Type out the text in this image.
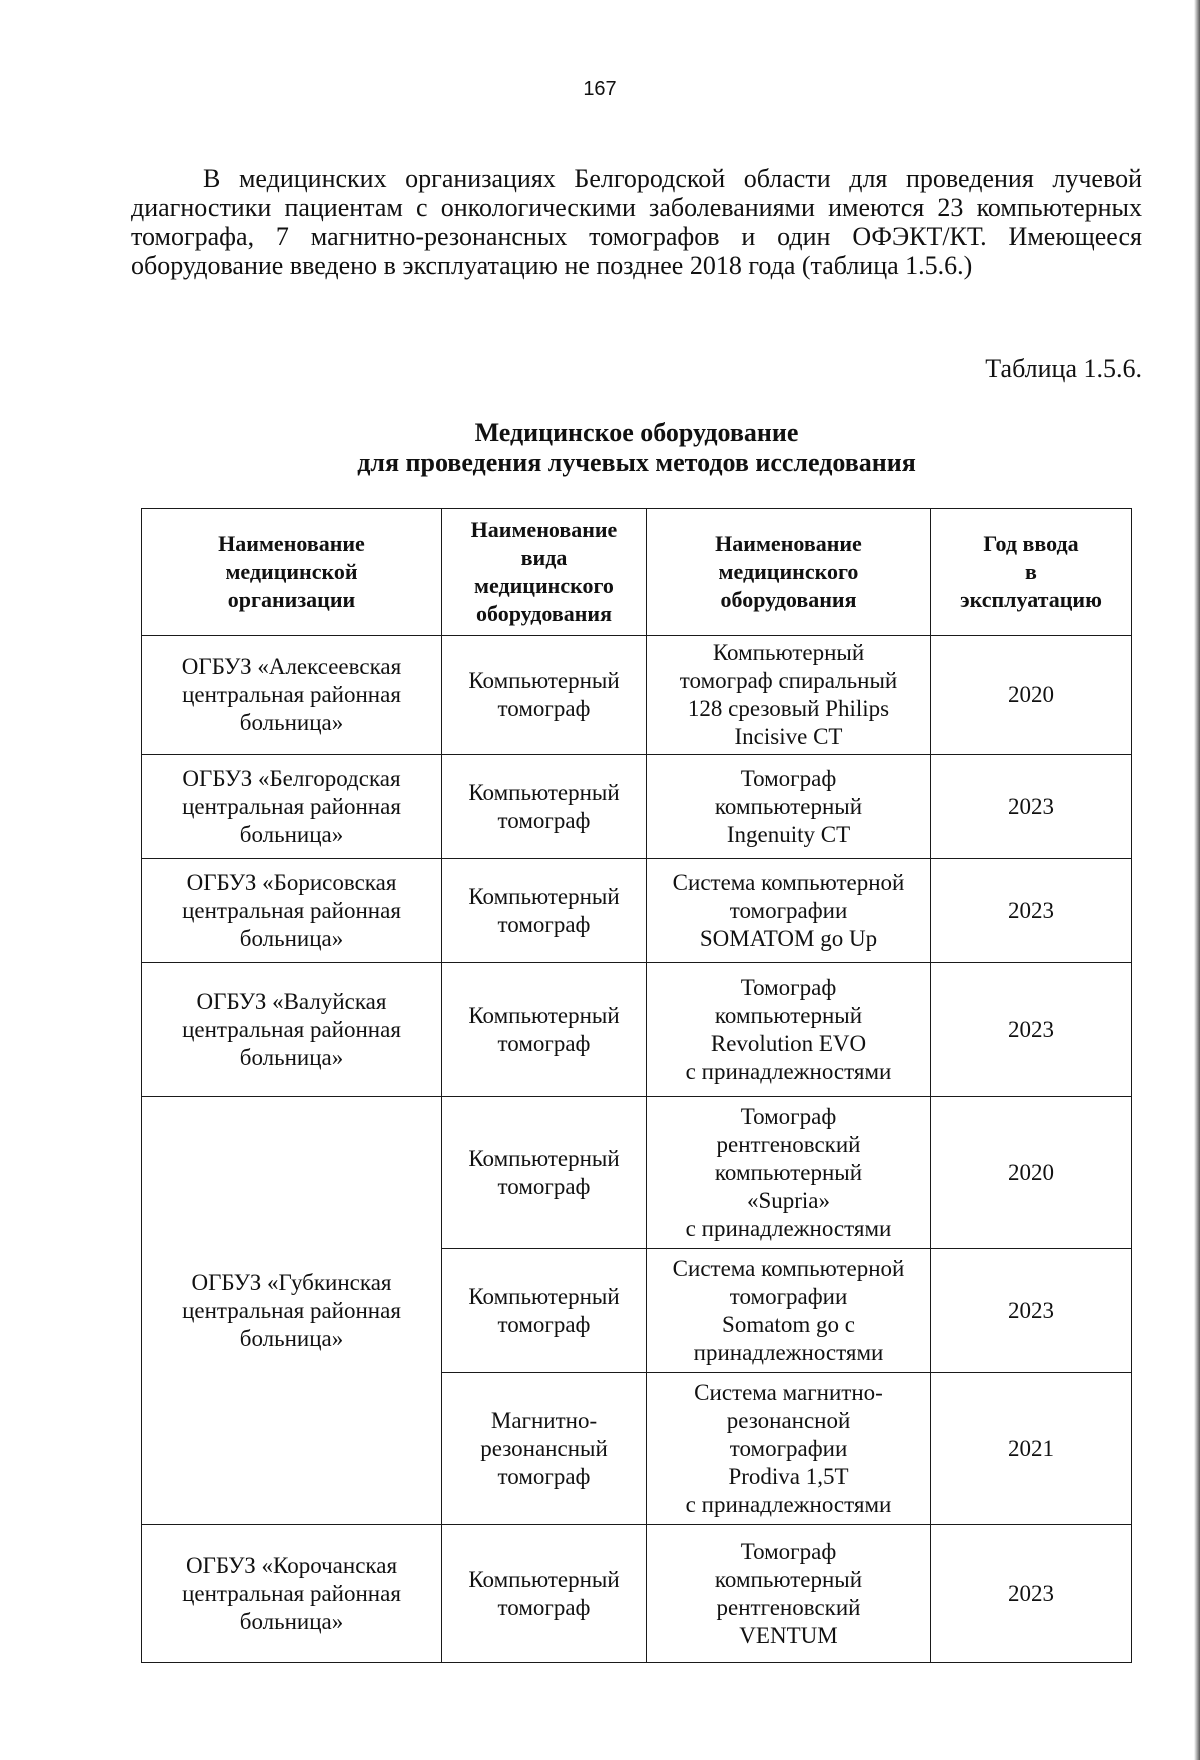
167

В медицинских организациях Белгородской области для проведения лучевой диагностики пациентам с онкологическими заболеваниями имеются 23 компьютерных томографа, 7 магнитно-резонансных томографов и один ОФЭКТ/КТ. Имеющееся оборудование введено в эксплуатацию не позднее 2018 года (таблица 1.5.6.)

Таблица 1.5.6.
Медицинское оборудование
для проведения лучевых методов исследования
Наименование
медицинской
организации	Наименование
вида
медицинского
оборудования	Наименование
медицинского
оборудования	Год ввода
в
эксплуатацию
ОГБУЗ «Алексеевская
центральная районная
больница»	Компьютерный
томограф	Компьютерный
томограф спиральный
128 срезовый Philips
Incisive CT	2020
ОГБУЗ «Белгородская
центральная районная
больница»	Компьютерный
томограф	Томограф
компьютерный
Ingenuity CT	2023
ОГБУЗ «Борисовская
центральная районная
больница»	Компьютерный
томограф	Система компьютерной
томографии
SOMATOM go Up	2023
ОГБУЗ «Валуйская
центральная районная
больница»	Компьютерный
томограф	Томограф
компьютерный
Revolution EVO
с принадлежностями	2023
ОГБУЗ «Губкинская
центральная районная
больница»	Компьютерный
томограф	Томограф
рентгеновский
компьютерный
«Supria»
с принадлежностями	2020
	Компьютерный
томограф	Система компьютерной
томографии
Somatom go с
принадлежностями	2023
	Магнитно-
резонансный
томограф	Система магнитно-
резонансной
томографии
Prodiva 1,5T
с принадлежностями	2021
ОГБУЗ «Корочанская
центральная районная
больница»	Компьютерный
томограф	Томограф
компьютерный
рентгеновский
VENTUM	2023
